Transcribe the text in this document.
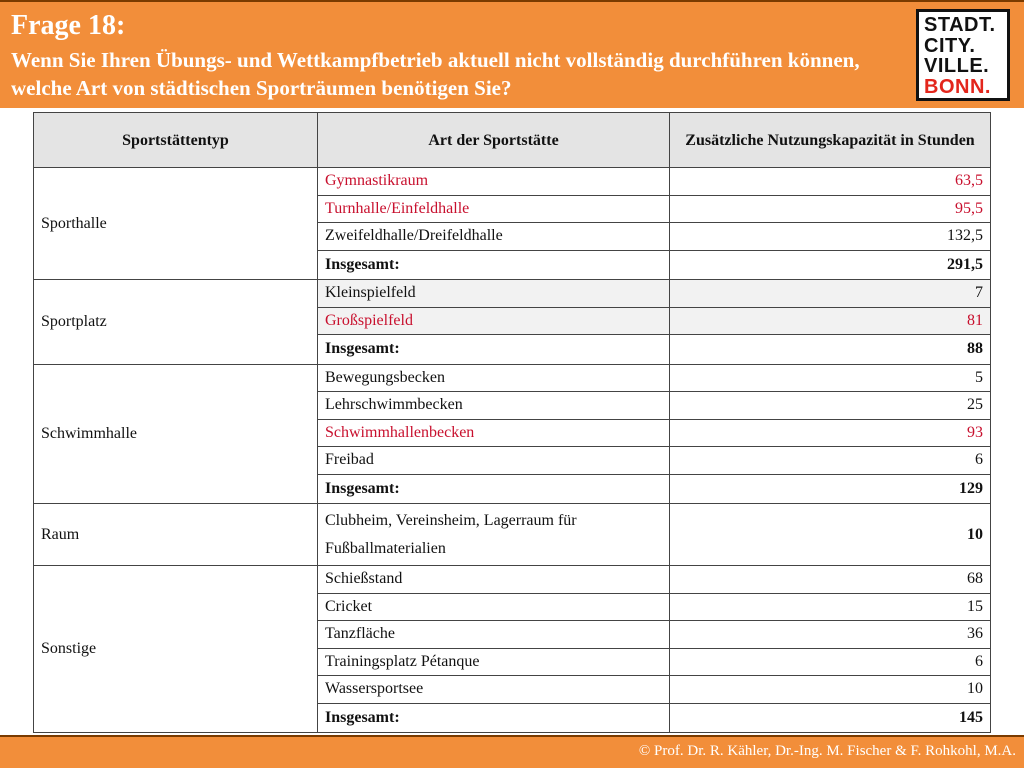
Frage 18:
Wenn Sie Ihren Übungs- und Wettkampfbetrieb aktuell nicht vollständig durchführen können, welche Art von städtischen Sporträumen benötigen Sie?
STADT.
CITY.
VILLE.
BONN.
Sportstättentyp	Art der Sportstätte	Zusätzliche Nutzungskapazität in Stunden
Sporthalle	Gymnastikraum	63,5
	Turnhalle/Einfeldhalle	95,5
	Zweifeldhalle/Dreifeldhalle	132,5
	Insgesamt:	291,5
Sportplatz	Kleinspielfeld	7
	Großspielfeld	81
	Insgesamt:	88
Schwimmhalle	Bewegungsbecken	5
	Lehrschwimmbecken	25
	Schwimmhallenbecken	93
	Freibad	6
	Insgesamt:	129
Raum	Clubheim, Vereinsheim, Lagerraum für Fußballmaterialien	10
Sonstige	Schießstand	68
	Cricket	15
	Tanzfläche	36
	Trainingsplatz Pétanque	6
	Wassersportsee	10
	Insgesamt:	145
© Prof. Dr. R. Kähler, Dr.-Ing. M. Fischer & F. Rohkohl, M.A.
